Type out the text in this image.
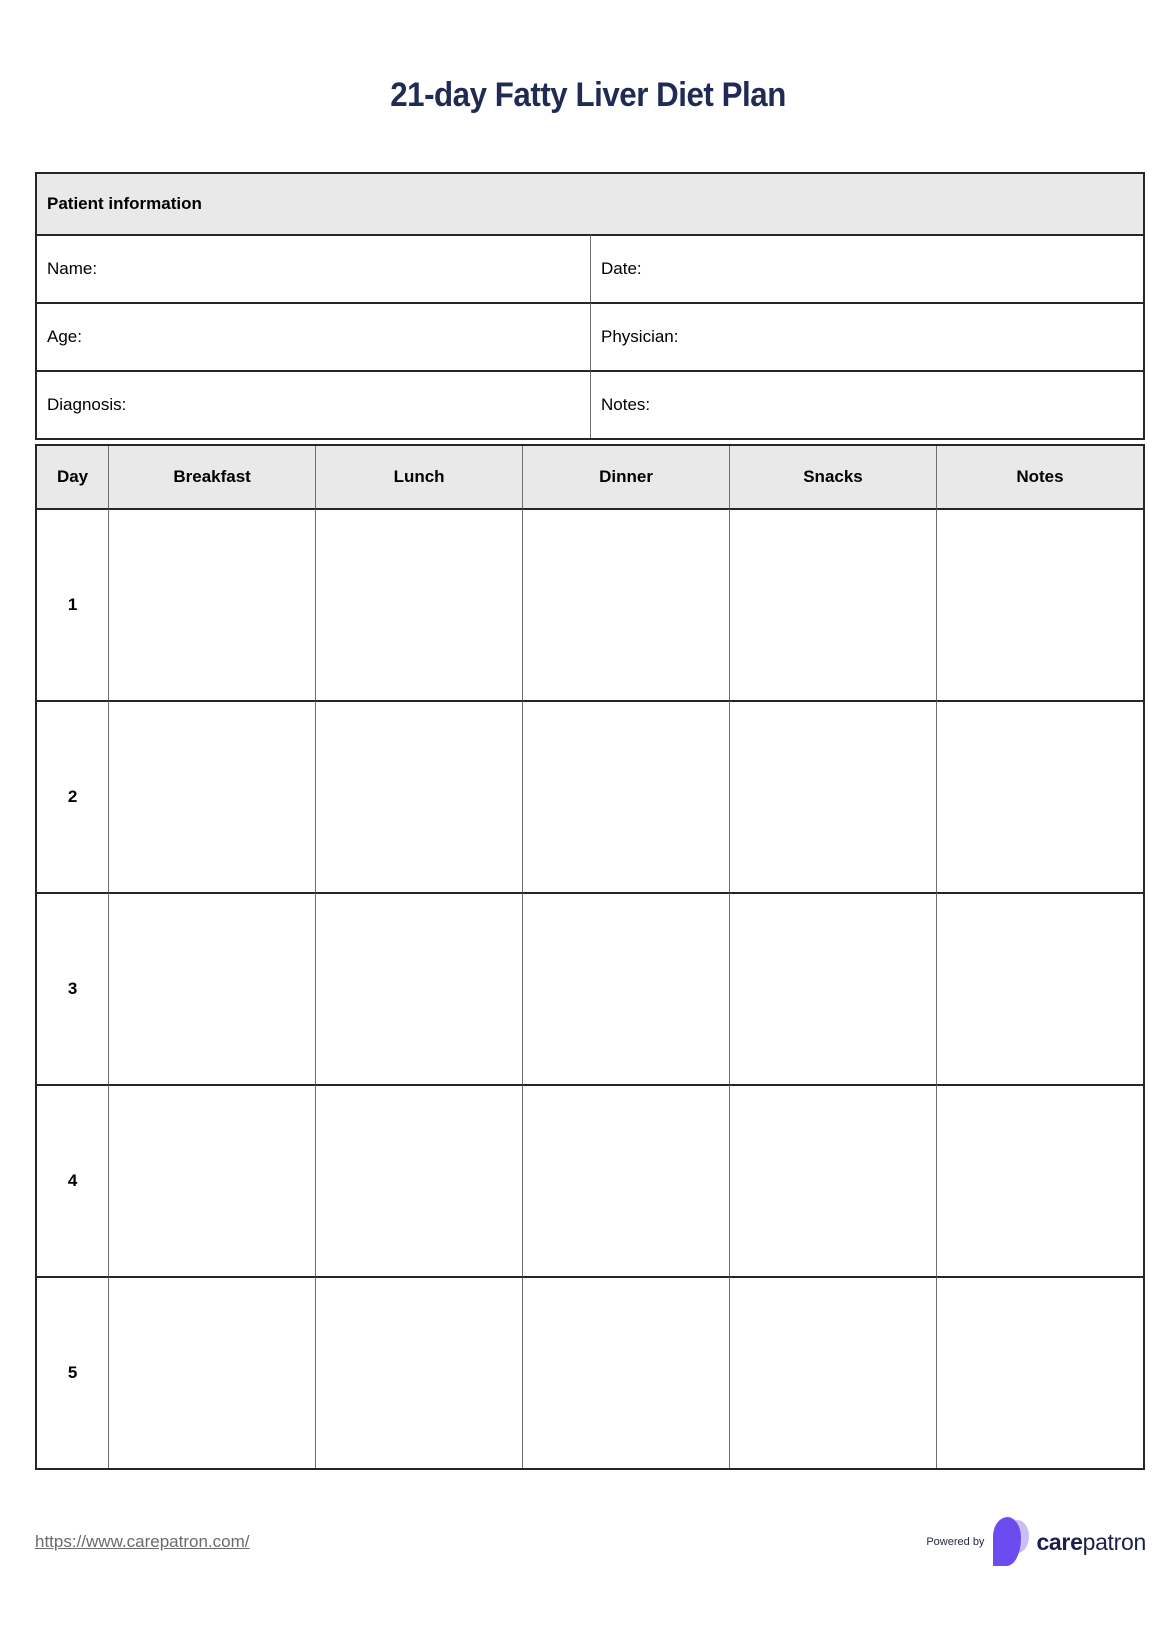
21-day Fatty Liver Diet Plan
Patient information
Name:	Date:
Age:	Physician:
Diagnosis:	Notes:
Day	Breakfast	Lunch	Dinner	Snacks	Notes
1
2
3
4
5
https://www.carepatron.com/	Powered by carepatron
